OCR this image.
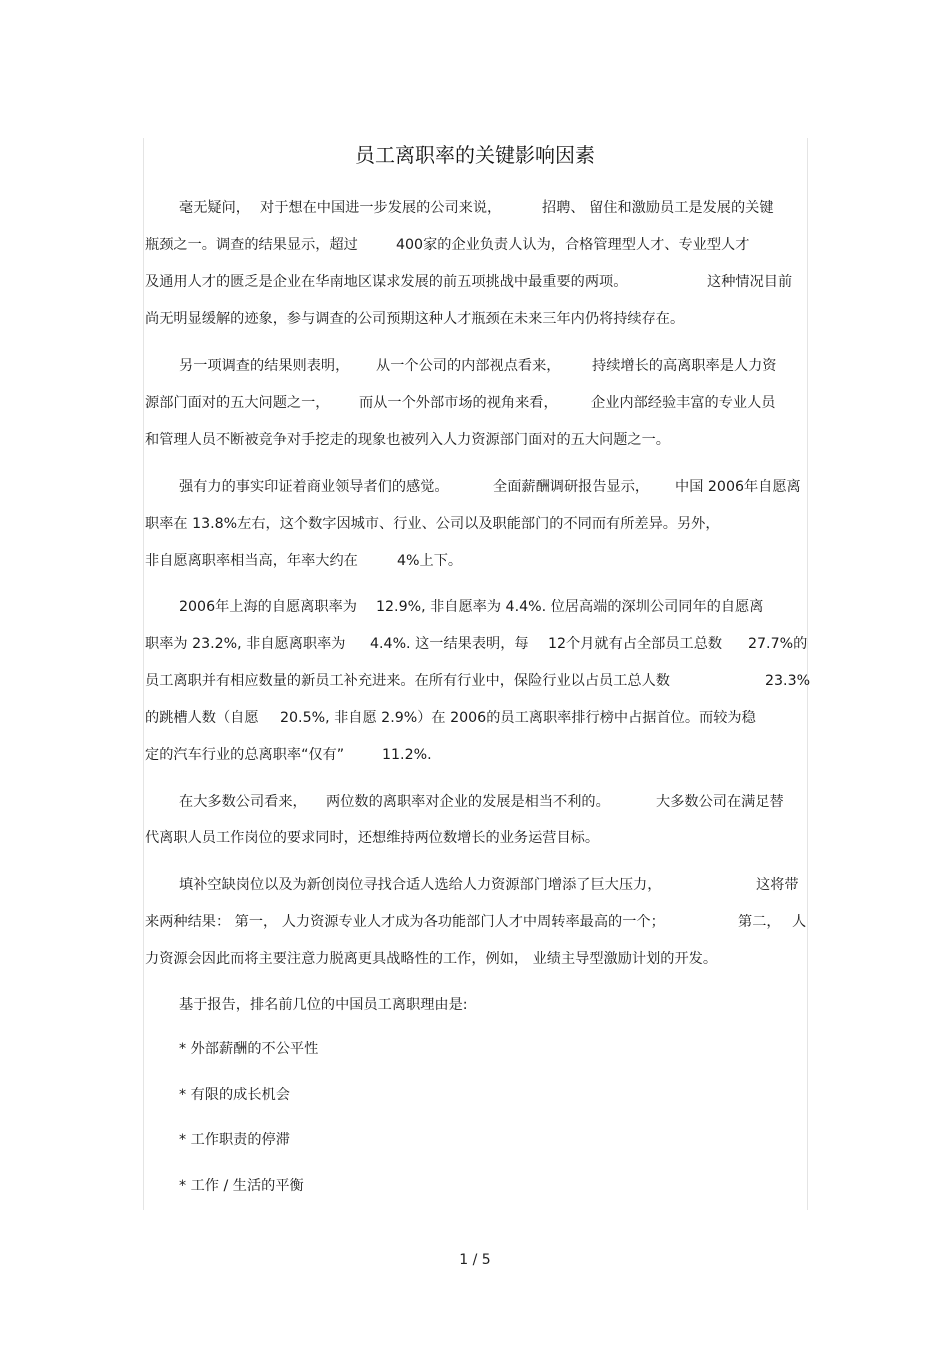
员工离职率的关键影响因素
毫无疑问， 对于想在中国进一步发展的公司来说，	招聘、 留住和激励员工是发展的关键
瓶颈之一。调查的结果显示，超过	400家的企业负责人认为，合格管理型人才、专业型人才
及通用人才的匮乏是企业在华南地区谋求发展的前五项挑战中最重要的两项。	这种情况目前
尚无明显缓解的迹象，参与调查的公司预期这种人才瓶颈在未来三年内仍将持续存在。
另一项调查的结果则表明， 从一个公司的内部视点看来， 持续增长的高离职率是人力资
源部门面对的五大问题之一， 而从一个外部市场的视角来看， 企业内部经验丰富的专业人员
和管理人员不断被竞争对手挖走的现象也被列入人力资源部门面对的五大问题之一。
强有力的事实印证着商业领导者们的感觉。	全面薪酬调研报告显示， 中国 2006年自愿离
职率在 13.8%左右，这个数字因城市、行业、公司以及职能部门的不同而有所差异。另外，
非自愿离职率相当高，年率大约在	4%上下。
2006年上海的自愿离职率为 12.9%, 非自愿率为 4.4%. 位居高端的深圳公司同年的自愿离
职率为 23.2%, 非自愿离职率为 4.4%. 这一结果表明，每 12个月就有占全部员工总数 27.7%的
员工离职并有相应数量的新员工补充进来。在所有行业中，保险行业以占员工总人数	23.3%
的跳槽人数（自愿 20.5%, 非自愿 2.9%）在 2006的员工离职率排行榜中占据首位。而较为稳
定的汽车行业的总离职率“仅有”	11.2%.
在大多数公司看来， 两位数的离职率对企业的发展是相当不利的。	大多数公司在满足替
代离职人员工作岗位的要求同时，还想维持两位数增长的业务运营目标。
填补空缺岗位以及为新创岗位寻找合适人选给人力资源部门增添了巨大压力，	这将带
来两种结果： 第一， 人力资源专业人才成为各功能部门人才中周转率最高的一个；	第二， 人
力资源会因此而将主要注意力脱离更具战略性的工作，例如， 业绩主导型激励计划的开发。
基于报告，排名前几位的中国员工离职理由是:
* 外部薪酬的不公平性
* 有限的成长机会
* 工作职责的停滞
* 工作 / 生活的平衡
1 / 5
